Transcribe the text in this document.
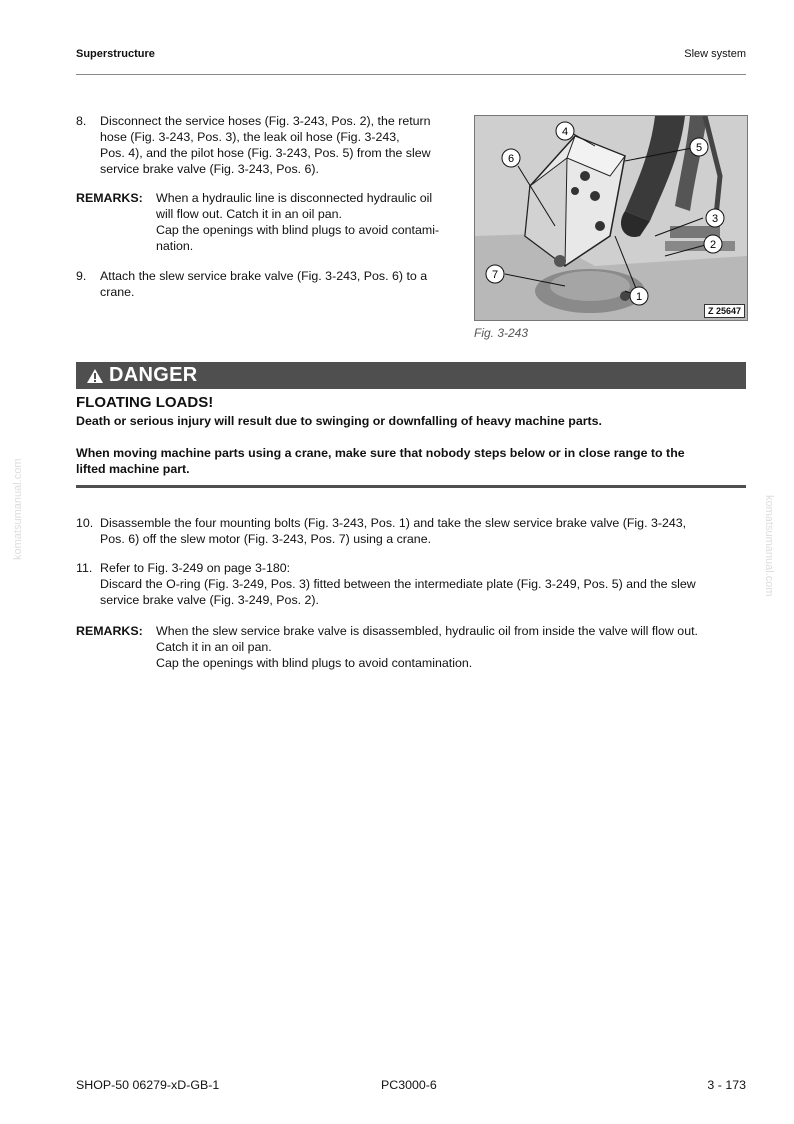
Superstructure	Slew system
8.	Disconnect the service hoses (Fig. 3-243, Pos. 2), the return
hose (Fig. 3-243, Pos. 3), the leak oil hose (Fig. 3-243,
Pos. 4), and the pilot hose (Fig. 3-243, Pos. 5) from the slew
service brake valve (Fig. 3-243, Pos. 6).
REMARKS:	When a hydraulic line is disconnected hydraulic oil
will flow out. Catch it in an oil pan.
Cap the openings with blind plugs to avoid contami-
nation.
9.	Attach the slew service brake valve (Fig. 3-243, Pos. 6) to a
crane.
4
5
6
3
2
7
1
Z 25647
Fig. 3-243
DANGER
FLOATING LOADS!
Death or serious injury will result due to swinging or downfalling of heavy machine parts.
When moving machine parts using a crane, make sure that nobody steps below or in close range to the
lifted machine part.
10. Disassemble the four mounting bolts (Fig. 3-243, Pos. 1) and take the slew service brake valve (Fig. 3-243,
Pos. 6) off the slew motor (Fig. 3-243, Pos. 7) using a crane.
11. Refer to Fig. 3-249 on page 3-180:
Discard the O-ring (Fig. 3-249, Pos. 3) fitted between the intermediate plate (Fig. 3-249, Pos. 5) and the slew
service brake valve (Fig. 3-249, Pos. 2).
REMARKS:	When the slew service brake valve is disassembled, hydraulic oil from inside the valve will flow out.
Catch it in an oil pan.
Cap the openings with blind plugs to avoid contamination.
komatsumanual.com	komatsumanual.com
SHOP-50 06279-xD-GB-1	PC3000-6	3 - 173
